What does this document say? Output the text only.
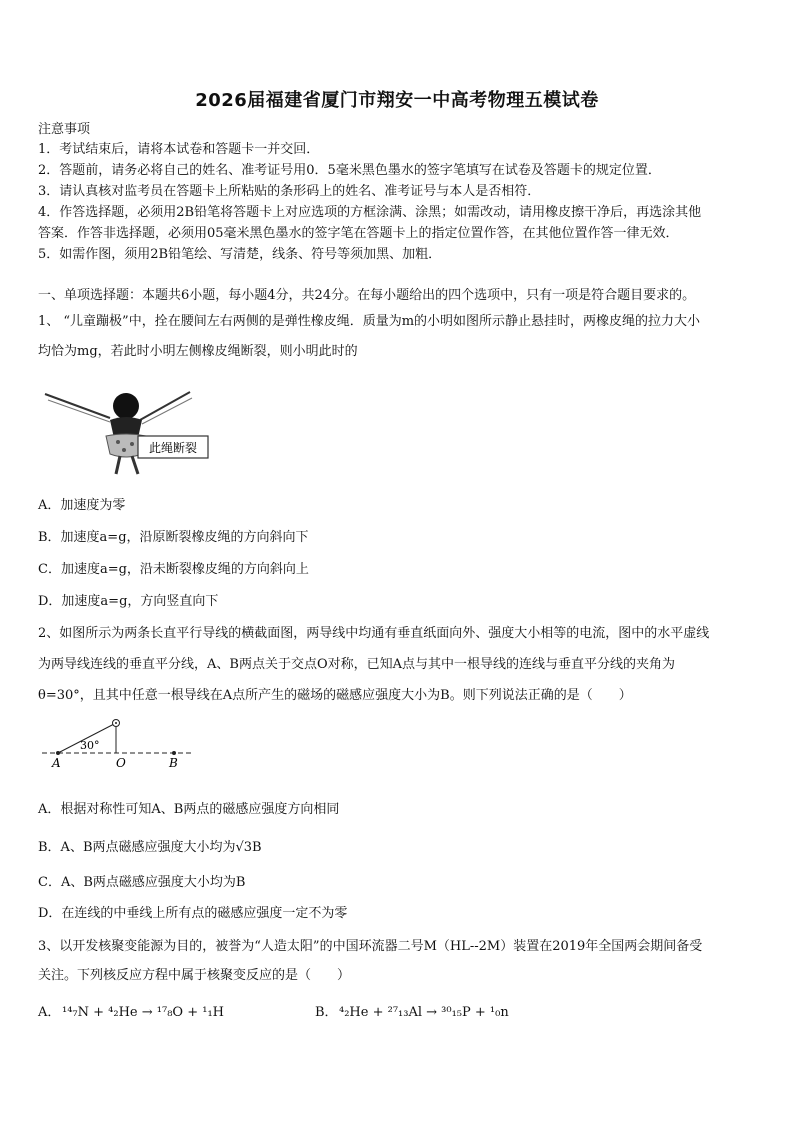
2026届福建省厦门市翔安一中高考物理五模试卷
注意事项
1．考试结束后，请将本试卷和答题卡一并交回．
2．答题前，请务必将自己的姓名、准考证号用0．5毫米黑色墨水的签字笔填写在试卷及答题卡的规定位置．
3．请认真核对监考员在答题卡上所粘贴的条形码上的姓名、准考证号与本人是否相符．
4．作答选择题，必须用2B铅笔将答题卡上对应选项的方框涂满、涂黑；如需改动，请用橡皮擦干净后，再选涂其他
答案．作答非选择题，必须用05毫米黑色墨水的签字笔在答题卡上的指定位置作答，在其他位置作答一律无效．
5．如需作图，须用2B铅笔绘、写清楚，线条、符号等须加黑、加粗．
一、单项选择题：本题共6小题，每小题4分，共24分。在每小题给出的四个选项中，只有一项是符合题目要求的。
1、 “儿童蹦极”中，拴在腰间左右两侧的是弹性橡皮绳．质量为m的小明如图所示静止悬挂时，两橡皮绳的拉力大小
均恰为mg，若此时小明左侧橡皮绳断裂，则小明此时的
此绳断裂
A．加速度为零
B．加速度a=g，沿原断裂橡皮绳的方向斜向下
C．加速度a=g，沿未断裂橡皮绳的方向斜向上
D．加速度a=g，方向竖直向下
2、如图所示为两条长直平行导线的横截面图，两导线中均通有垂直纸面向外、强度大小相等的电流，图中的水平虚线
为两导线连线的垂直平分线，A、B两点关于交点O对称，已知A点与其中一根导线的连线与垂直平分线的夹角为
θ=30°，且其中任意一根导线在A点所产生的磁场的磁感应强度大小为B。则下列说法正确的是（　　）
30°
A	O	B
A．根据对称性可知A、B两点的磁感应强度方向相同
B．A、B两点磁感应强度大小均为√3B
C．A、B两点磁感应强度大小均为B
D．在连线的中垂线上所有点的磁感应强度一定不为零
3、以开发核聚变能源为目的，被誉为“人造太阳”的中国环流器二号M（HL--2M）装置在2019年全国两会期间备受
关注。下列核反应方程中属于核聚变反应的是（　　）
A． ¹⁴₇N + ⁴₂He → ¹⁷₈O + ¹₁H	B． ⁴₂He + ²⁷₁₃Al → ³⁰₁₅P + ¹₀n
